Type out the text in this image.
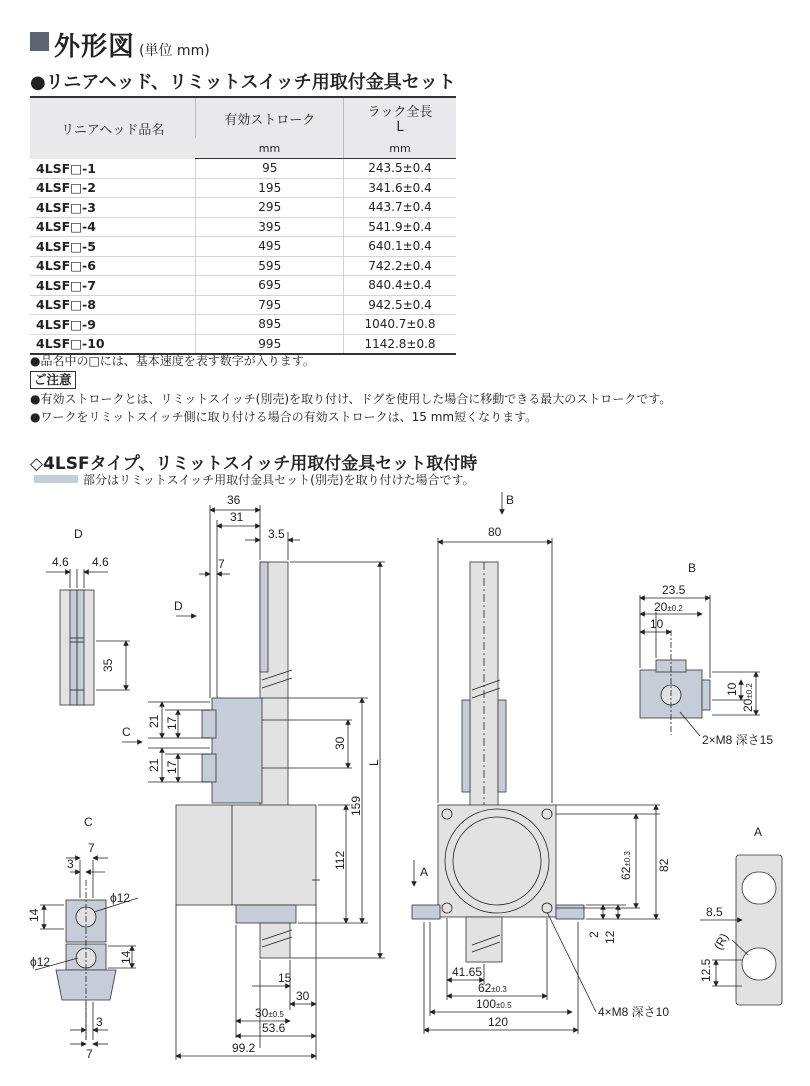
外形図 (単位 mm)
●リニアヘッド、リミットスイッチ用取付金具セット
リニアヘッド品名	有効ストローク	ラック全長
L
	mm	mm
4LSF□-1	95	243.5±0.4
4LSF□-2	195	341.6±0.4
4LSF□-3	295	443.7±0.4
4LSF□-4	395	541.9±0.4
4LSF□-5	495	640.1±0.4
4LSF□-6	595	742.2±0.4
4LSF□-7	695	840.4±0.4
4LSF□-8	795	942.5±0.4
4LSF□-9	895	1040.7±0.8
4LSF□-10	995	1142.8±0.8
●品名中の□には、基本速度を表す数字が入ります。
ご注意
●有効ストロークとは、リミットスイッチ(別売)を取り付け、ドグを使用した場合に移動できる最大のストロークです。
●ワークをリミットスイッチ側に取り付ける場合の有効ストロークは、15 mm短くなります。
◇4LSFタイプ、リミットスイッチ用取付金具セット取付時
部分はリミットスイッチ用取付金具セット(別売)を取り付けた場合です。
D
4.6 4.6
35
C
7
3
14
ϕ12
ϕ12	14
3
7
36
31
3.5
7
D
C
21 17
21 17
30
L
159
112
15
30
30±0.5
53.6
99.2
B
80
A	62±0.3 82
2 12
41.65
62±0.3
100±0.5
120
4×M8 深さ10
B
23.5
20±0.2
10
10
20±0.2
2×M8 深さ15
A
8.5
(R)
12.5
